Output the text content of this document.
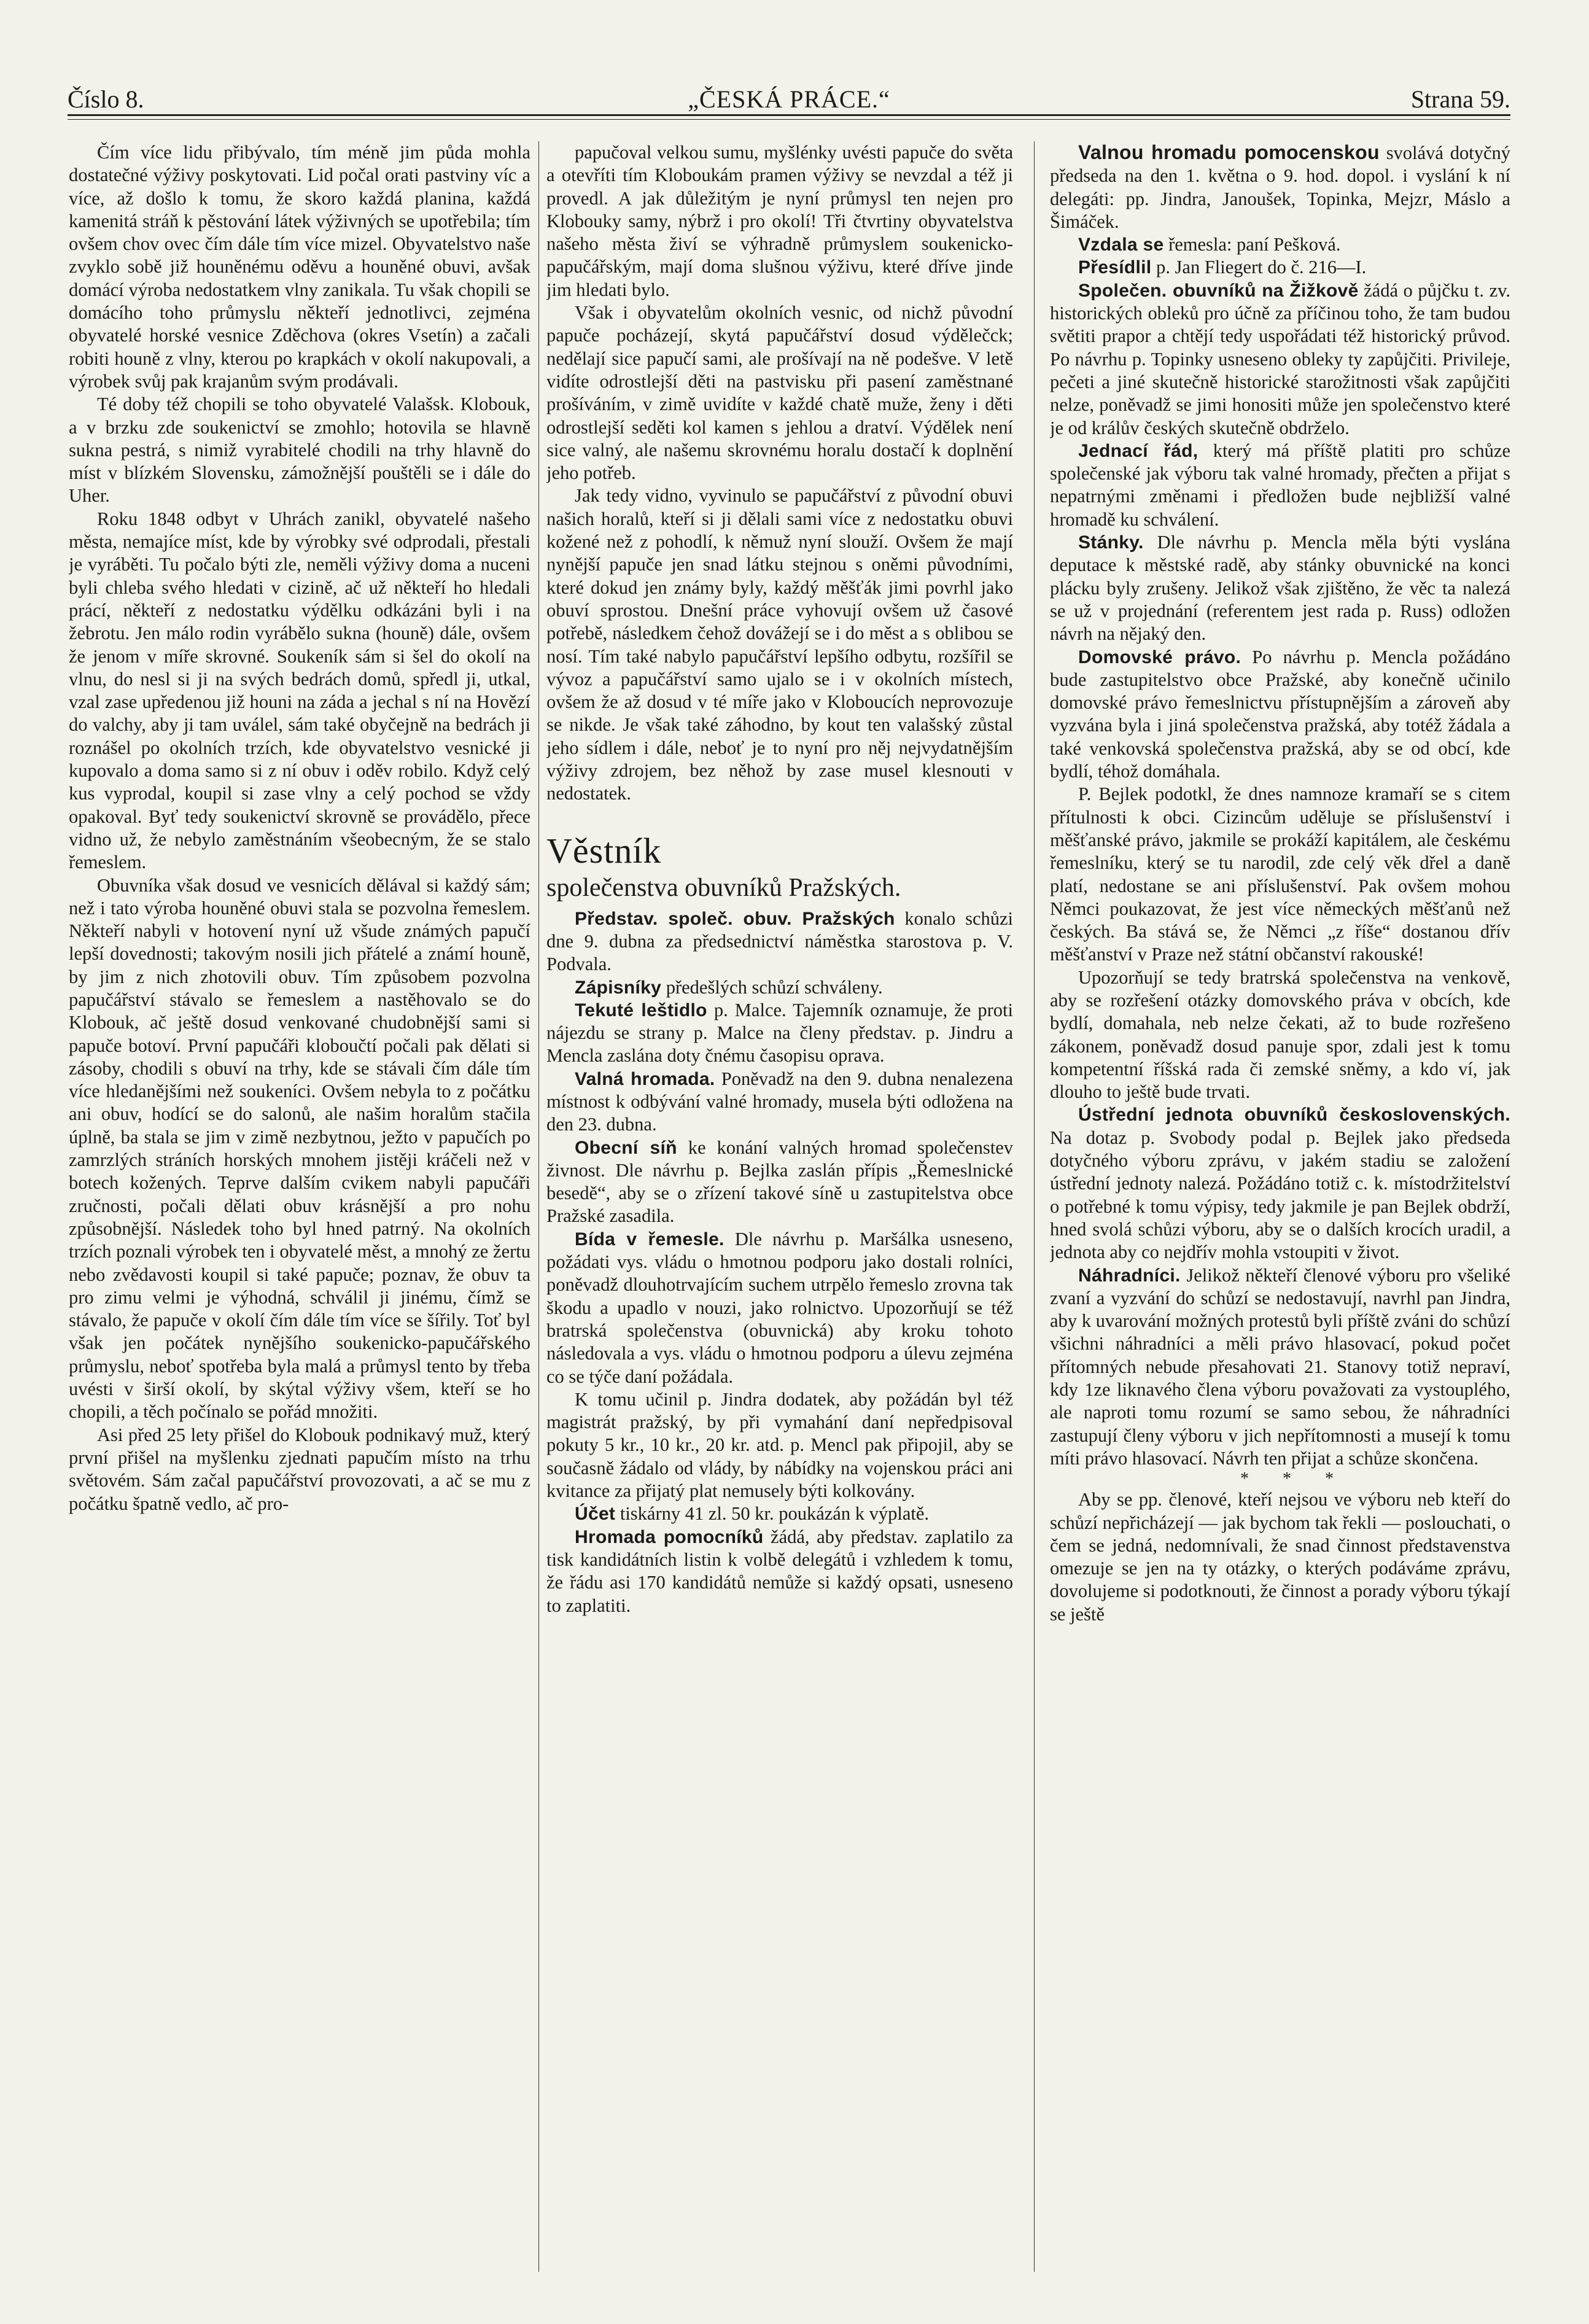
Číslo 8.	„ČESKÁ PRÁCE.“	Strana 59.

Čím více lidu přibývalo, tím méně jim půda mohla dostatečné výživy poskytovati. Lid počal orati pastviny víc a více, až došlo k tomu, že skoro každá planina, každá kamenitá stráň k pěstování látek výživných se upotřebila; tím ovšem chov ovec čím dále tím více mizel. Obyvatelstvo naše zvyklo sobě již houněnému oděvu a houněné obuvi, avšak domácí výroba nedostatkem vlny zanikala. Tu však chopili se domácího toho průmyslu někteří jednotlivci, zejména obyvatelé horské vesnice Zděchova (okres Vsetín) a začali robiti houně z vlny, kterou po krapkách v okolí nakupovali, a výrobek svůj pak krajanům svým prodávali.

Té doby též chopili se toho obyvatelé Valašsk. Klobouk, a v brzku zde soukenictví se zmohlo; hotovila se hlavně sukna pestrá, s nimiž vyrabitelé chodili na trhy hlavně do míst v blízkém Slovensku, zámožnější pouštěli se i dále do Uher.

Roku 1848 odbyt v Uhrách zanikl, obyvatelé našeho města, nemajíce míst, kde by výrobky své odprodali, přestali je vyráběti. Tu počalo býti zle, neměli výživy doma a nuceni byli chleba svého hledati v cizině, ač už někteří ho hledali prácí, někteří z nedostatku výdělku odkázáni byli i na žebrotu. Jen málo rodin vyrábělo sukna (houně) dále, ovšem že jenom v míře skrovné. Soukeník sám si šel do okolí na vlnu, do nesl si ji na svých bedrách domů, spředl ji, utkal, vzal zase upředenou již houni na záda a jechal s ní na Hovězí do valchy, aby ji tam uválel, sám také obyčejně na bedrách ji roznášel po okolních trzích, kde obyvatelstvo vesnické ji kupovalo a doma samo si z ní obuv i oděv robilo. Když celý kus vyprodal, koupil si zase vlny a celý pochod se vždy opakoval. Byť tedy soukenictví skrovně se provádělo, přece vidno už, že nebylo zaměstnáním všeobecným, že se stalo řemeslem.

Obuvníka však dosud ve vesnicích dělával si každý sám; než i tato výroba houněné obuvi stala se pozvolna řemeslem. Někteří nabyli v hotovení nyní už všude známých papučí lepší dovednosti; takovým nosili jich přátelé a známí houně, by jim z nich zhotovili obuv. Tím způsobem pozvolna papučářství stávalo se řemeslem a nastěhovalo se do Klobouk, ač ještě dosud venkované chudobnější sami si papuče botoví. První papučáři kloboučtí počali pak dělati si zásoby, chodili s obuví na trhy, kde se stávali čím dále tím více hledanějšími než soukeníci. Ovšem nebyla to z počátku ani obuv, hodící se do salonů, ale našim horalům stačila úplně, ba stala se jim v zimě nezbytnou, ježto v papučích po zamrzlých stráních horských mnohem jistěji kráčeli než v botech kožených. Teprve dalším cvikem nabyli papučáři zručnosti, počali dělati obuv krásnější a pro nohu způsobnější. Následek toho byl hned patrný. Na okolních trzích poznali výrobek ten i obyvatelé měst, a mnohý ze žertu nebo zvědavosti koupil si také papuče; poznav, že obuv ta pro zimu velmi je výhodná, schválil ji jinému, čímž se stávalo, že papuče v okolí čím dále tím více se šířily. Toť byl však jen počátek nynějšího soukenicko-papučářského průmyslu, neboť spotřeba byla malá a průmysl tento by třeba uvésti v širší okolí, by skýtal výživy všem, kteří se ho chopili, a těch počínalo se pořád množiti.

Asi před 25 lety přišel do Klobouk podnikavý muž, který první přišel na myšlenku zjednati papučím místo na trhu světovém. Sám začal papučářství provozovati, a ač se mu z počátku špatně vedlo, ač pro-

papučoval velkou sumu, myšlénky uvésti papuče do světa a otevříti tím Kloboukám pramen výživy se nevzdal a též ji provedl. A jak důležitým je nyní průmysl ten nejen pro Klobouky samy, nýbrž i pro okolí! Tři čtvrtiny obyvatelstva našeho města živí se výhradně průmyslem soukenicko-papučářským, mají doma slušnou výživu, které dříve jinde jim hledati bylo.

Však i obyvatelům okolních vesnic, od nichž původní papuče pocházejí, skytá papučářství dosud výdělečck; nedělají sice papučí sami, ale prošívají na ně podešve. V letě vidíte odrostlejší děti na pastvisku při pasení zaměstnané prošíváním, v zimě uvidíte v každé chatě muže, ženy i děti odrostlejší seděti kol kamen s jehlou a dratví. Výdělek není sice valný, ale našemu skrovnému horalu dostačí k doplnění jeho potřeb.

Jak tedy vidno, vyvinulo se papučářství z původní obuvi našich horalů, kteří si ji dělali sami více z nedostatku obuvi kožené než z pohodlí, k němuž nyní slouží. Ovšem že mají nynější papuče jen snad látku stejnou s oněmi původními, které dokud jen známy byly, každý měšťák jimi povrhl jako obuví sprostou. Dnešní práce vyhovují ovšem už časové potřebě, následkem čehož dovážejí se i do měst a s oblibou se nosí. Tím také nabylo papučářství lepšího odbytu, rozšířil se vývoz a papučářství samo ujalo se i v okolních místech, ovšem že až dosud v té míře jako v Kloboucích neprovozuje se nikde. Je však také záhodno, by kout ten valašský zůstal jeho sídlem i dále, neboť je to nyní pro něj nejvydatnějším výživy zdrojem, bez něhož by zase musel klesnouti v nedostatek.

Věstník

společenstva obuvníků Pražských.

Představ. společ. obuv. Pražských konalo schůzi dne 9. dubna za předsednictví náměstka starostova p. V. Podvala.

Zápisníky předešlých schůzí schváleny.

Tekuté leštidlo p. Malce. Tajemník oznamuje, že proti nájezdu se strany p. Malce na členy představ. p. Jindru a Mencla zaslána doty čnému časopisu oprava.

Valná hromada. Poněvadž na den 9. dubna nenalezena místnost k odbývání valné hromady, musela býti odložena na den 23. dubna.

Obecní síň ke konání valných hromad společenstev živnost. Dle návrhu p. Bejlka zaslán přípis „Řemeslnické besedě“, aby se o zřízení takové síně u zastupitelstva obce Pražské zasadila.

Bída v řemesle. Dle návrhu p. Maršálka usneseno, požádati vys. vládu o hmotnou podporu jako dostali rolníci, poněvadž dlouhotrvajícím suchem utrpělo řemeslo zrovna tak škodu a upadlo v nouzi, jako rolnictvo. Upozorňují se též bratrská společenstva (obuvnická) aby kroku tohoto následovala a vys. vládu o hmotnou podporu a úlevu zejména co se týče daní požádala.

K tomu učinil p. Jindra dodatek, aby požádán byl též magistrát pražský, by při vymahání daní nepředpisoval pokuty 5 kr., 10 kr., 20 kr. atd. p. Mencl pak připojil, aby se současně žádalo od vlády, by nábídky na vojenskou práci ani kvitance za přijatý plat nemusely býti kolkovány.

Účet tiskárny 41 zl. 50 kr. poukázán k výplatě.

Hromada pomocníků žádá, aby představ. zaplatilo za tisk kandidátních listin k volbě delegátů i vzhledem k tomu, že řádu asi 170 kandidátů nemůže si každý opsati, usneseno to zaplatiti.

Valnou hromadu pomocenskou svolává dotyčný předseda na den 1. května o 9. hod. dopol. i vyslání k ní delegáti: pp. Jindra, Janoušek, Topinka, Mejzr, Máslo a Šimáček.

Vzdala se řemesla: paní Pešková.

Přesídlil p. Jan Fliegert do č. 216—I.

Společen. obuvníků na Žižkově žádá o půjčku t. zv. historických obleků pro účně za příčinou toho, že tam budou světiti prapor a chtějí tedy uspořádati též historický průvod. Po návrhu p. Topinky usneseno obleky ty zapůjčiti. Privileje, pečeti a jiné skutečně historické starožitnosti však zapůjčiti nelze, poněvadž se jimi honositi může jen společenstvo které je od králův českých skutečně obdrželo.

Jednací řád, který má příště platiti pro schůze společenské jak výboru tak valné hromady, přečten a přijat s nepatrnými změnami i předložen bude nejbližší valné hromadě ku schválení.

Stánky. Dle návrhu p. Mencla měla býti vyslána deputace k městské radě, aby stánky obuvnické na konci plácku byly zrušeny. Jelikož však zjištěno, že věc ta nalezá se už v projednání (referentem jest rada p. Russ) odložen návrh na nějaký den.

Domovské právo. Po návrhu p. Mencla požádáno bude zastupitelstvo obce Pražské, aby konečně učinilo domovské právo řemeslnictvu přístupnějším a zároveň aby vyzvána byla i jiná společenstva pražská, aby totéž žádala a také venkovská společenstva pražská, aby se od obcí, kde bydlí, téhož domáhala.

P. Bejlek podotkl, že dnes namnoze kramaří se s citem přítulnosti k obci. Cizincům uděluje se příslušenství i měšťanské právo, jakmile se prokáží kapitálem, ale českému řemeslníku, který se tu narodil, zde celý věk dřel a daně platí, nedostane se ani příslušenství. Pak ovšem mohou Němci poukazovat, že jest více německých měšťanů než českých. Ba stává se, že Němci „z říše“ dostanou dřív měšťanství v Praze než státní občanství rakouské!

Upozorňují se tedy bratrská společenstva na venkově, aby se rozřešení otázky domovského práva v obcích, kde bydlí, domahala, neb nelze čekati, až to bude rozřešeno zákonem, poněvadž dosud panuje spor, zdali jest k tomu kompetentní říšská rada či zemské sněmy, a kdo ví, jak dlouho to ještě bude trvati.

Ústřední jednota obuvníků československých. Na dotaz p. Svobody podal p. Bejlek jako předseda dotyčného výboru zprávu, v jakém stadiu se založení ústřední jednoty nalezá. Požádáno totiž c. k. místodržitelství o potřebné k tomu výpisy, tedy jakmile je pan Bejlek obdrží, hned svolá schůzi výboru, aby se o dalších krocích uradil, a jednota aby co nejdřív mohla vstoupiti v život.

Náhradníci. Jelikož někteří členové výboru pro všeliké zvaní a vyzvání do schůzí se nedostavují, navrhl pan Jindra, aby k uvarování možných protestů byli příště zváni do schůzí všichni náhradníci a měli právo hlasovací, pokud počet přítomných nebude přesahovati 21. Stanovy totiž nepraví, kdy 1ze liknavého člena výboru považovati za vystouplého, ale naproti tomu rozumí se samo sebou, že náhradníci zastupují členy výboru v jich nepřítomnosti a musejí k tomu míti právo hlasovací. Návrh ten přijat a schůze skončena.

* * *

Aby se pp. členové, kteří nejsou ve výboru neb kteří do schůzí nepřicházejí — jak bychom tak řekli — poslouchati, o čem se jedná, nedomnívali, že snad činnost představenstva omezuje se jen na ty otázky, o kterých podáváme zprávu, dovolujeme si podotknouti, že činnost a porady výboru týkají se ještě
